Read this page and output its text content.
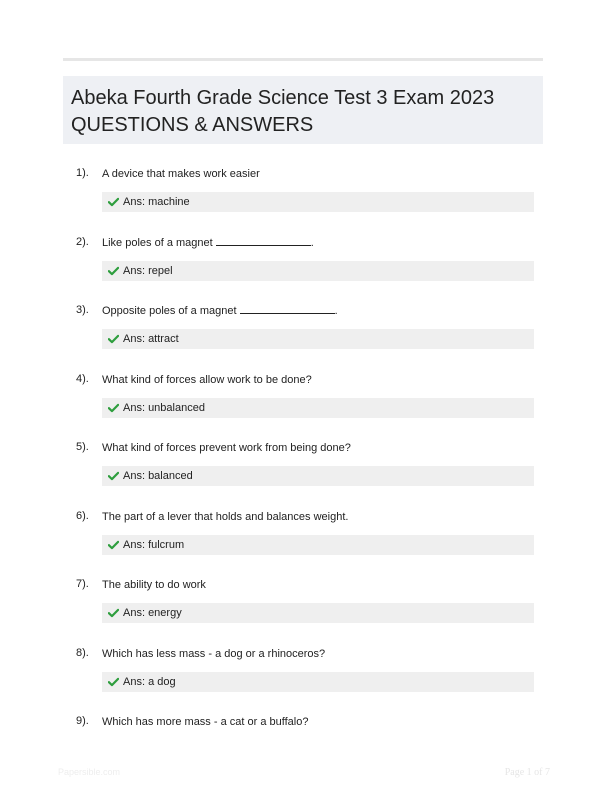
Abeka Fourth Grade Science Test 3 Exam 2023
QUESTIONS & ANSWERS
1). A device that makes work easier
Ans: machine
2). Like poles of a magnet	.
Ans: repel
3). Opposite poles of a magnet	.
Ans: attract
4). What kind of forces allow work to be done?
Ans: unbalanced
5). What kind of forces prevent work from being done?
Ans: balanced
6). The part of a lever that holds and balances weight.
Ans: fulcrum
7). The ability to do work
Ans: energy
8). Which has less mass - a dog or a rhinoceros?
Ans: a dog
9). Which has more mass - a cat or a buffalo?
Papersible.com	Page 1 of 7
